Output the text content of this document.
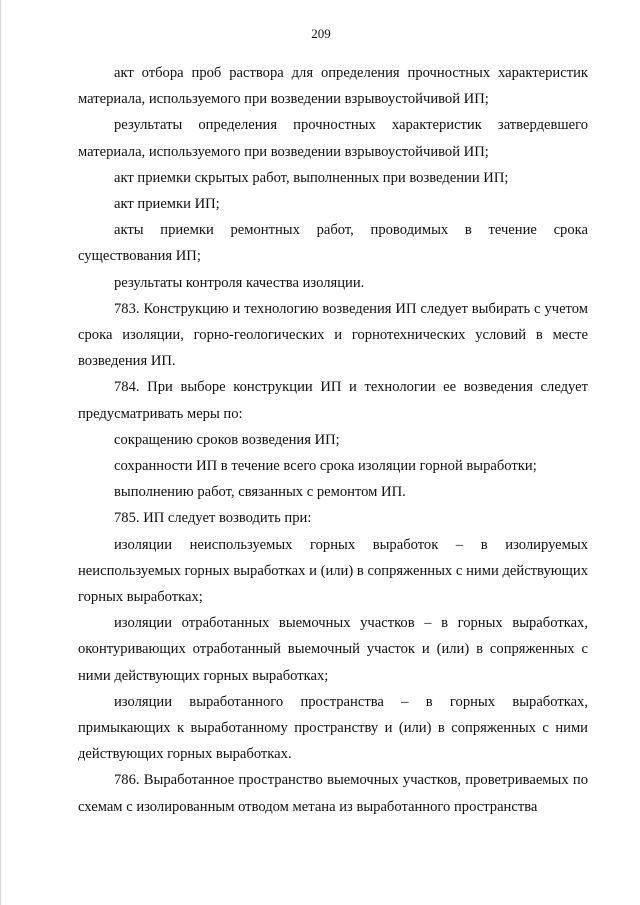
209

акт отбора проб раствора для определения прочностных характеристик материала, используемого при возведении взрывоустойчивой ИП;

результаты определения прочностных характеристик затвердевшего материала, используемого при возведении взрывоустойчивой ИП;

акт приемки скрытых работ, выполненных при возведении ИП;

акт приемки ИП;

акты приемки ремонтных работ, проводимых в течение срока существования ИП;

результаты контроля качества изоляции.

783. Конструкцию и технологию возведения ИП следует выбирать с учетом срока изоляции, горно-геологических и горнотехнических условий в месте возведения ИП.

784. При выборе конструкции ИП и технологии ее возведения следует предусматривать меры по:

сокращению сроков возведения ИП;

сохранности ИП в течение всего срока изоляции горной выработки;

выполнению работ, связанных с ремонтом ИП.

785. ИП следует возводить при:

изоляции неиспользуемых горных выработок – в изолируемых неиспользуемых горных выработках и (или) в сопряженных с ними действующих горных выработках;

изоляции отработанных выемочных участков – в горных выработках, оконтуривающих отработанный выемочный участок и (или) в сопряженных с ними действующих горных выработках;

изоляции выработанного пространства – в горных выработках, примыкающих к выработанному пространству и (или) в сопряженных с ними действующих горных выработках.

786. Выработанное пространство выемочных участков, проветриваемых по схемам с изолированным отводом метана из выработанного пространства
